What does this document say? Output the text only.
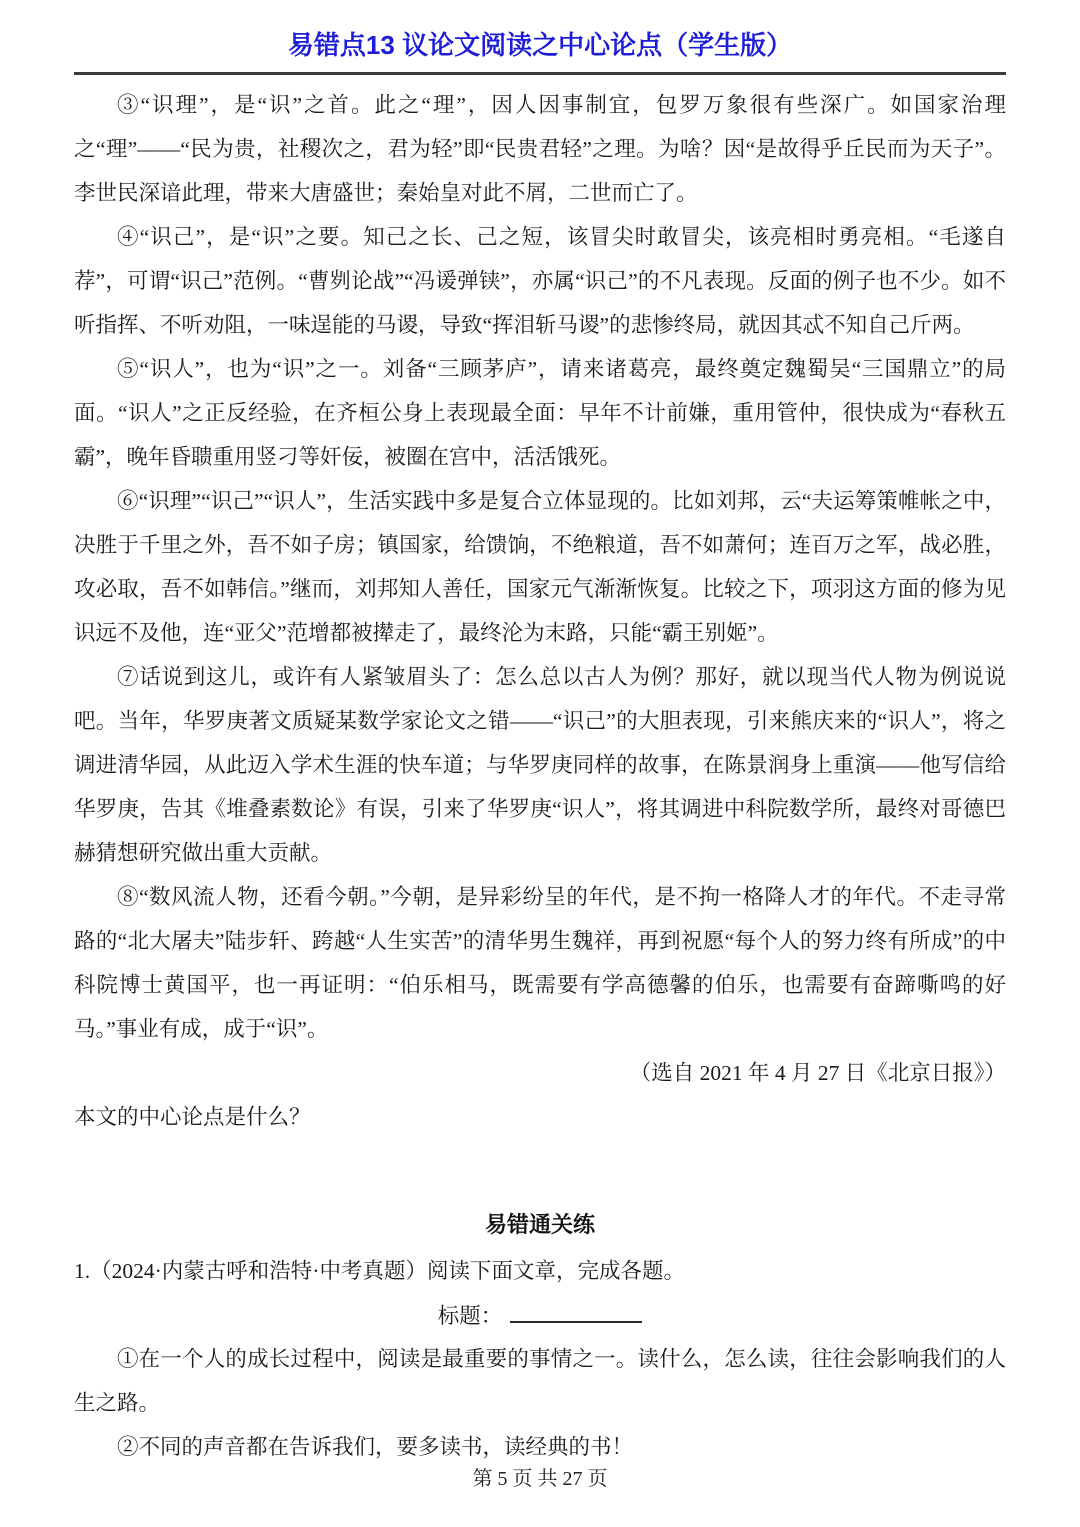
易错点13 议论文阅读之中心论点（学生版）

③“识理”，是“识”之首。此之“理”，因人因事制宜，包罗万象很有些深广。如国家治理之“理”——“民为贵，社稷次之，君为轻”即“民贵君轻”之理。为啥？因“是故得乎丘民而为天子”。李世民深谙此理，带来大唐盛世；秦始皇对此不屑，二世而亡了。

④“识己”，是“识”之要。知己之长、己之短，该冒尖时敢冒尖，该亮相时勇亮相。“毛遂自荐”，可谓“识己”范例。“曹刿论战”“冯谖弹铗”，亦属“识己”的不凡表现。反面的例子也不少。如不听指挥、不听劝阻，一味逞能的马谡，导致“挥泪斩马谡”的悲惨终局，就因其忒不知自己斤两。

⑤“识人”，也为“识”之一。刘备“三顾茅庐”，请来诸葛亮，最终奠定魏蜀吴“三国鼎立”的局面。“识人”之正反经验，在齐桓公身上表现最全面：早年不计前嫌，重用管仲，很快成为“春秋五霸”，晚年昏聩重用竖刁等奸佞，被圈在宫中，活活饿死。

⑥“识理”“识己”“识人”，生活实践中多是复合立体显现的。比如刘邦，云“夫运筹策帷帐之中，决胜于千里之外，吾不如子房；镇国家，给馈饷，不绝粮道，吾不如萧何；连百万之军，战必胜，攻必取，吾不如韩信。”继而，刘邦知人善任，国家元气渐渐恢复。比较之下，项羽这方面的修为见识远不及他，连“亚父”范增都被撵走了，最终沦为末路，只能“霸王别姬”。

⑦话说到这儿，或许有人紧皱眉头了：怎么总以古人为例？那好，就以现当代人物为例说说吧。当年，华罗庚著文质疑某数学家论文之错——“识己”的大胆表现，引来熊庆来的“识人”，将之调进清华园，从此迈入学术生涯的快车道；与华罗庚同样的故事，在陈景润身上重演——他写信给华罗庚，告其《堆叠素数论》有误，引来了华罗庚“识人”，将其调进中科院数学所，最终对哥德巴赫猜想研究做出重大贡献。

⑧“数风流人物，还看今朝。”今朝，是异彩纷呈的年代，是不拘一格降人才的年代。不走寻常路的“北大屠夫”陆步轩、跨越“人生实苦”的清华男生魏祥，再到祝愿“每个人的努力终有所成”的中科院博士黄国平，也一再证明：“伯乐相马，既需要有学高德馨的伯乐，也需要有奋蹄嘶鸣的好马。”事业有成，成于“识”。

（选自 2021 年 4 月 27 日《北京日报》）

本文的中心论点是什么？

易错通关练

1.（2024·内蒙古呼和浩特·中考真题）阅读下面文章，完成各题。

标题：

①在一个人的成长过程中，阅读是最重要的事情之一。读什么，怎么读，往往会影响我们的人生之路。

②不同的声音都在告诉我们，要多读书，读经典的书！

第 5 页 共 27 页
